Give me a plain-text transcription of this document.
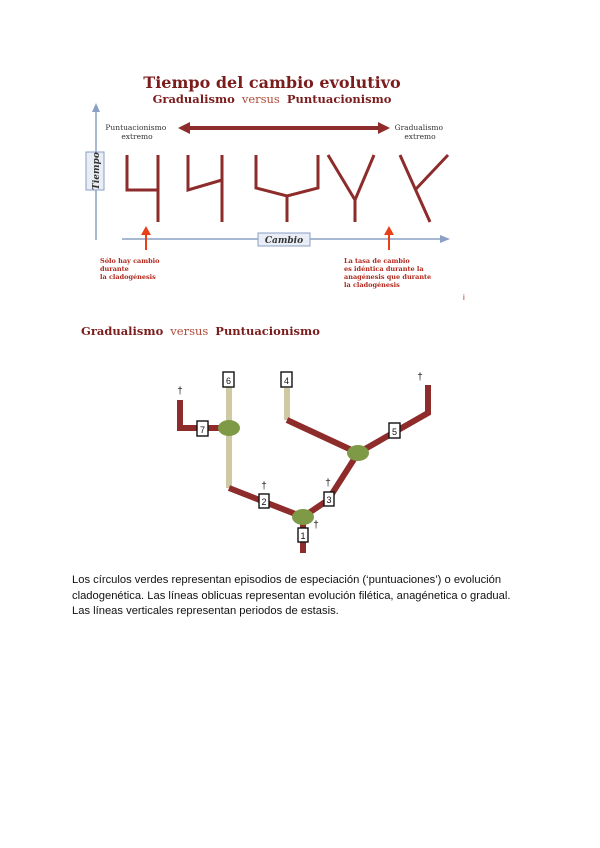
Tiempo del cambio evolutivo
Gradualismo versus Puntuacionismo
Puntuacionismo extremo
Gradualismo extremo
Tiempo
Cambio
Sólo hay cambio durante la cladogénesis
La tasa de cambio es idéntica durante la anagénesis que durante la cladogénesis
i
Gradualismo versus Puntuacionismo
†
†
†	†
†
1
2	3
4
5
6
7

Los círculos verdes representan episodios de especiación (‘puntuaciones’) o evolución

cladogenética. Las líneas oblicuas representan evolución filética, anagénetica o gradual.

Las líneas verticales representan periodos de estasis.
